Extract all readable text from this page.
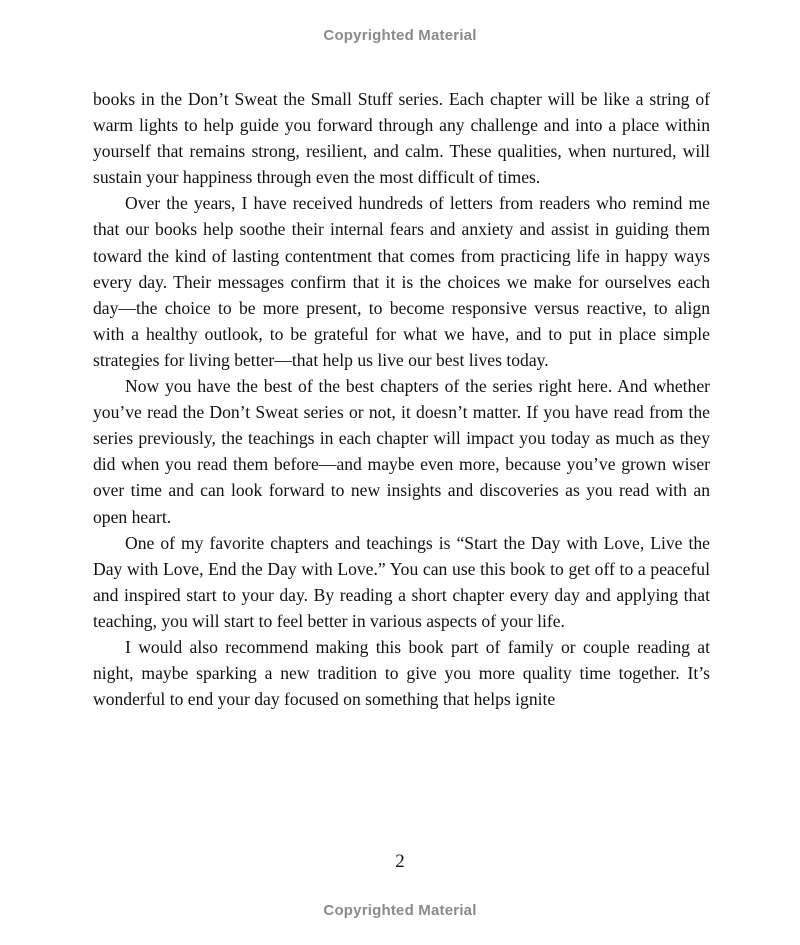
Copyrighted Material

books in the Don’t Sweat the Small Stuff series. Each chapter will be like a string of warm lights to help guide you forward through any challenge and into a place within yourself that remains strong, resilient, and calm. These qualities, when nurtured, will sustain your happiness through even the most difficult of times.

Over the years, I have received hundreds of letters from readers who remind me that our books help soothe their internal fears and anxiety and assist in guiding them toward the kind of lasting contentment that comes from practicing life in happy ways every day. Their messages confirm that it is the choices we make for ourselves each day—the choice to be more present, to become responsive versus reactive, to align with a healthy outlook, to be grateful for what we have, and to put in place simple strategies for living better—that help us live our best lives today.

Now you have the best of the best chapters of the series right here. And whether you’ve read the Don’t Sweat series or not, it doesn’t matter. If you have read from the series previously, the teachings in each chapter will impact you today as much as they did when you read them before—and maybe even more, because you’ve grown wiser over time and can look forward to new insights and discoveries as you read with an open heart.

One of my favorite chapters and teachings is “Start the Day with Love, Live the Day with Love, End the Day with Love.” You can use this book to get off to a peaceful and inspired start to your day. By reading a short chapter every day and applying that teaching, you will start to feel better in various aspects of your life.

I would also recommend making this book part of family or couple reading at night, maybe sparking a new tradition to give you more quality time together. It’s wonderful to end your day focused on something that helps ignite

2
Copyrighted Material
